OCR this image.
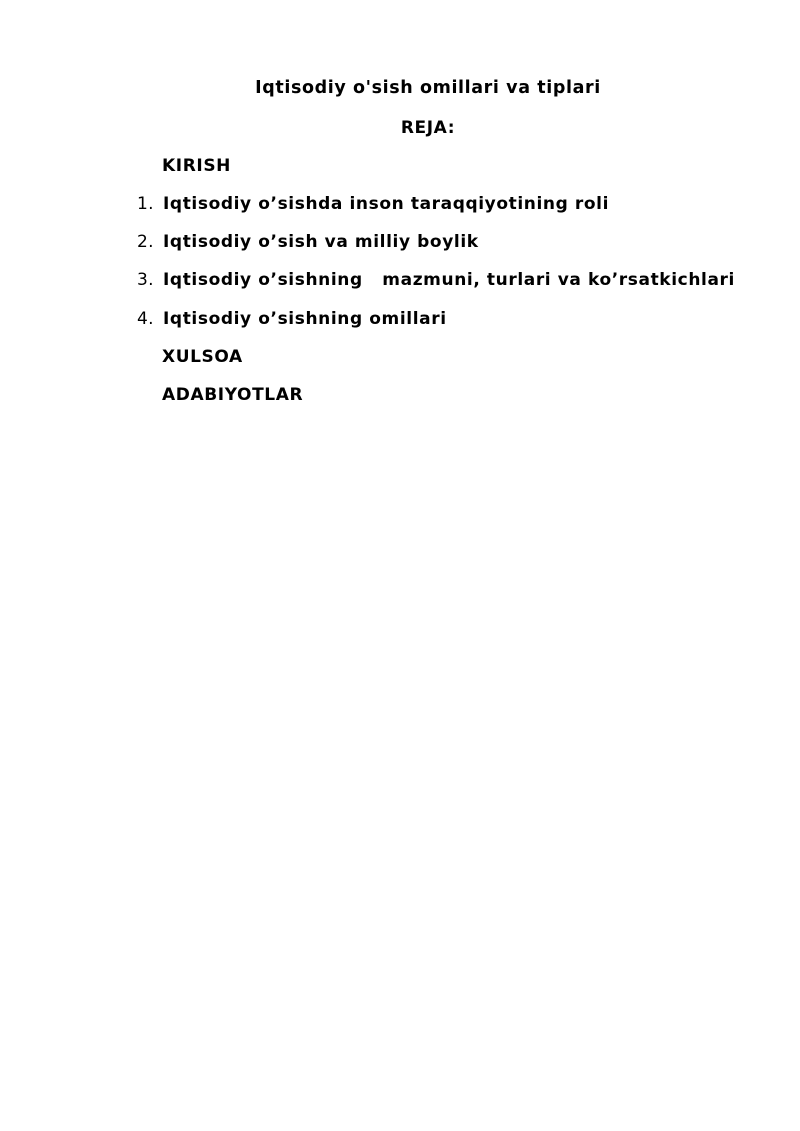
Iqtisodiy o'sish omillari va tiplari
REJA:
KIRISH
1. Iqtisodiy o’sishda inson taraqqiyotining roli
2. Iqtisodiy o’sish va milliy boylik
3. Iqtisodiy o’sishning   mazmuni, turlari va ko’rsatkichlari
4. Iqtisodiy o’sishning omillari
XULSOA
ADABIYOTLAR
